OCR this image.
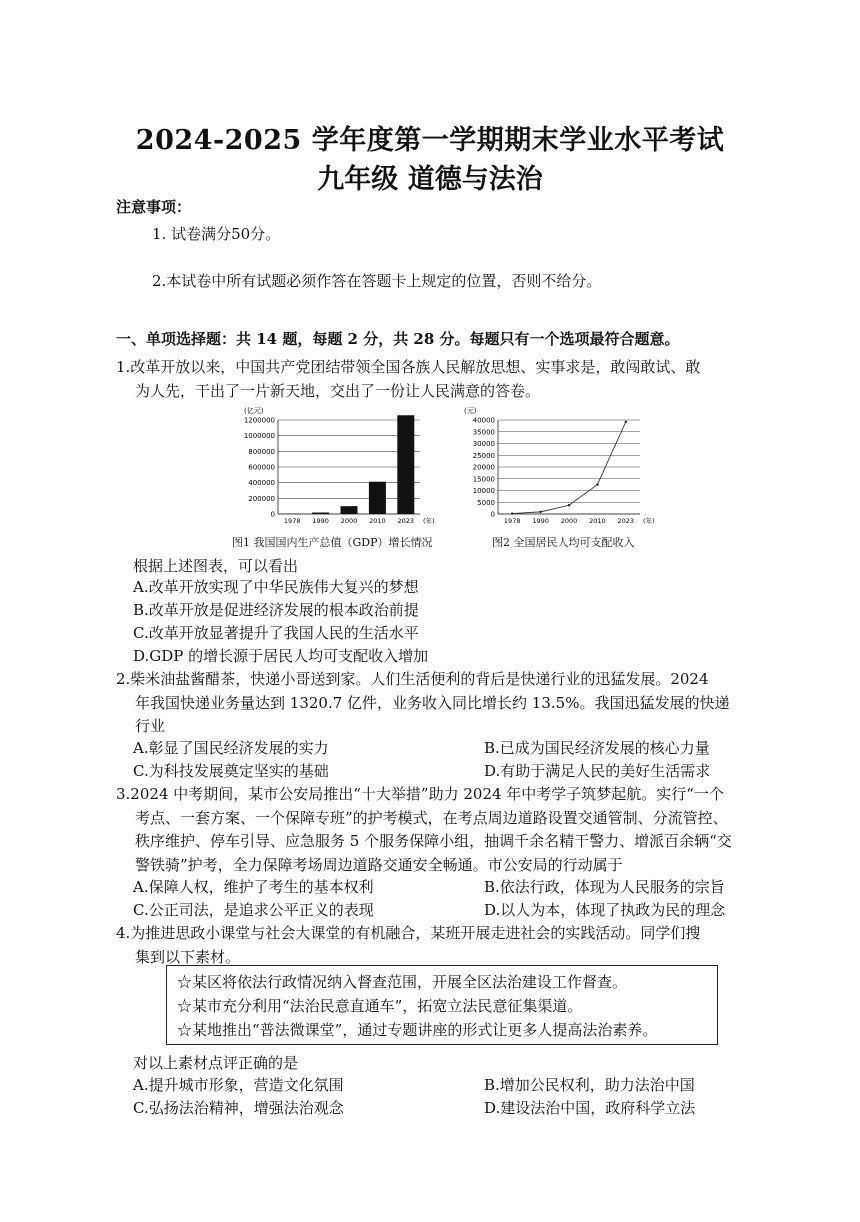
2024-2025 学年度第一学期期末学业水平考试
九年级 道德与法治
注意事项：
1. 试卷满分50分。
2.本试卷中所有试题必须作答在答题卡上规定的位置，否则不给分。
一、单项选择题：共 14 题，每题 2 分，共 28 分。每题只有一个选项最符合题意。
1.改革开放以来，中国共产党团结带领全国各族人民解放思想、实事求是，敢闯敢试、敢
为人先，干出了一片新天地，交出了一份让人民满意的答卷。
(亿元)
0
200000
400000
600000
800000
1000000
1200000
1978 1990 2000 2010 2023 (年)
图1 我国国内生产总值（GDP）增长情况
(元)
0
5000
10000
15000
20000
25000
30000
35000
40000
1978 1990 2000 2010 2023 (年)
图2 全国居民人均可支配收入
根据上述图表，可以看出
A.改革开放实现了中华民族伟大复兴的梦想
B.改革开放是促进经济发展的根本政治前提
C.改革开放显著提升了我国人民的生活水平
D.GDP 的增长源于居民人均可支配收入增加
2.柴米油盐酱醋茶，快递小哥送到家。人们生活便利的背后是快递行业的迅猛发展。2024
年我国快递业务量达到 1320.7 亿件，业务收入同比增长约 13.5%。我国迅猛发展的快递
行业
A.彰显了国民经济发展的实力	B.已成为国民经济发展的核心力量
C.为科技发展奠定坚实的基础	D.有助于满足人民的美好生活需求
3.2024 中考期间，某市公安局推出“十大举措”助力 2024 年中考学子筑梦起航。实行“一个
考点、一套方案、一个保障专班”的护考模式，在考点周边道路设置交通管制、分流管控、
秩序维护、停车引导、应急服务 5 个服务保障小组，抽调千余名精干警力、增派百余辆“交
警铁骑”护考，全力保障考场周边道路交通安全畅通。市公安局的行动属于
A.保障人权，维护了考生的基本权利	B.依法行政，体现为人民服务的宗旨
C.公正司法，是追求公平正义的表现	D.以人为本，体现了执政为民的理念
4.为推进思政小课堂与社会大课堂的有机融合，某班开展走进社会的实践活动。同学们搜
集到以下素材。
☆某区将依法行政情况纳入督查范围，开展全区法治建设工作督查。
☆某市充分利用“法治民意直通车”，拓宽立法民意征集渠道。
☆某地推出“普法微课堂”，通过专题讲座的形式让更多人提高法治素养。
对以上素材点评正确的是
A.提升城市形象，营造文化氛围	B.增加公民权利，助力法治中国
C.弘扬法治精神，增强法治观念	D.建设法治中国，政府科学立法
